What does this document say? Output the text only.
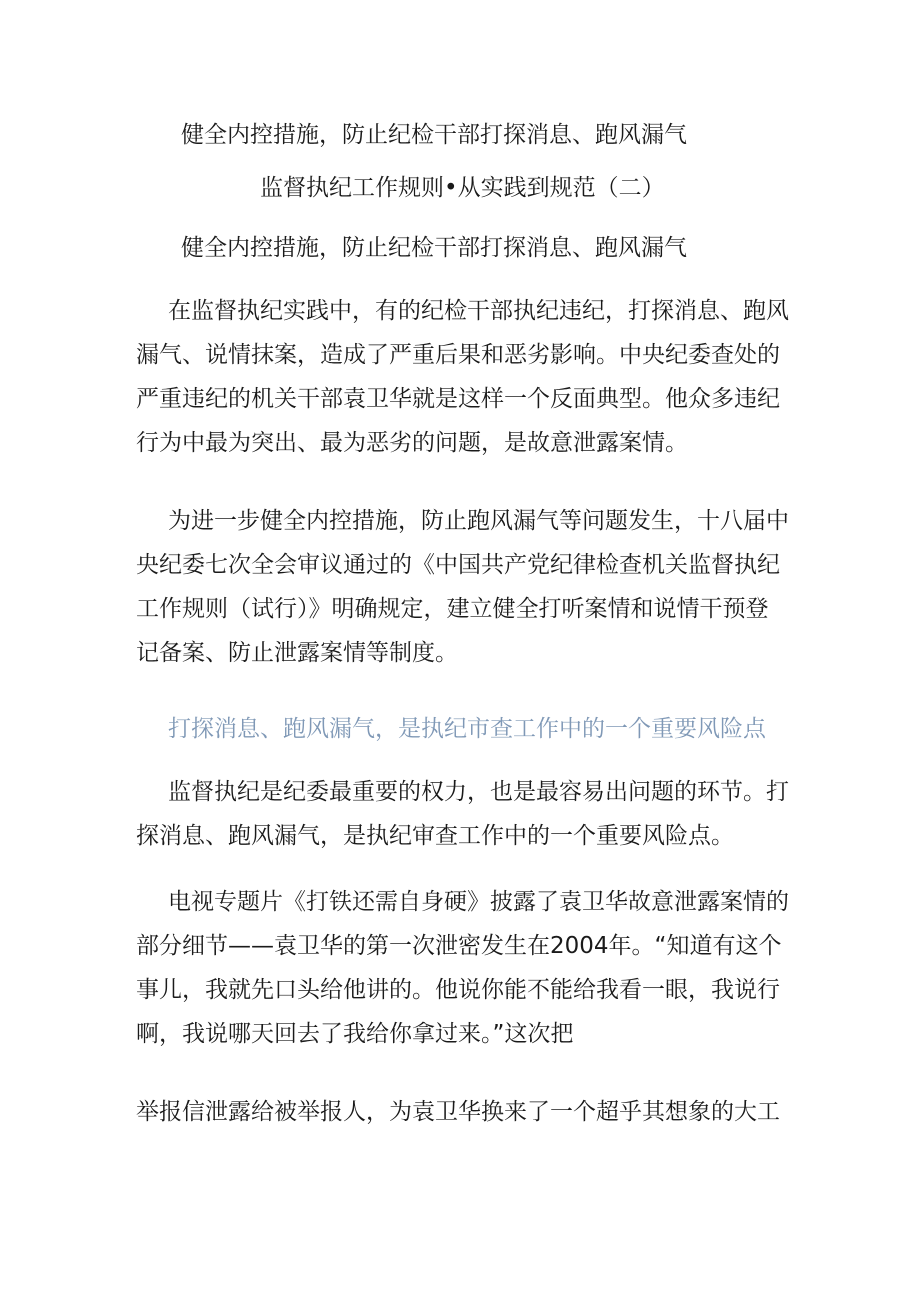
健全内控措施，防止纪检干部打探消息、跑风漏气
监督执纪工作规则•从实践到规范（二）
健全内控措施，防止纪检干部打探消息、跑风漏气
在监督执纪实践中，有的纪检干部执纪违纪，打探消息、跑风
漏气、说情抹案，造成了严重后果和恶劣影响。中央纪委查处的
严重违纪的机关干部袁卫华就是这样一个反面典型。他众多违纪
行为中最为突出、最为恶劣的问题，是故意泄露案情。
为进一步健全内控措施，防止跑风漏气等问题发生，十八届中
央纪委七次全会审议通过的《中国共产党纪律检查机关监督执纪
工作规则（试行）》明确规定，建立健全打听案情和说情干预登
记备案、防止泄露案情等制度。
打探消息、跑风漏气，是执纪市查工作中的一个重要风险点
监督执纪是纪委最重要的权力，也是最容易出问题的环节。打
探消息、跑风漏气，是执纪审查工作中的一个重要风险点。
电视专题片《打铁还需自身硬》披露了袁卫华故意泄露案情的
部分细节——袁卫华的第一次泄密发生在2004年。“知道有这个
事儿，我就先口头给他讲的。他说你能不能给我看一眼，我说行
啊，我说哪天回去了我给你拿过来。”这次把
举报信泄露给被举报人，为袁卫华换来了一个超乎其想象的大工
